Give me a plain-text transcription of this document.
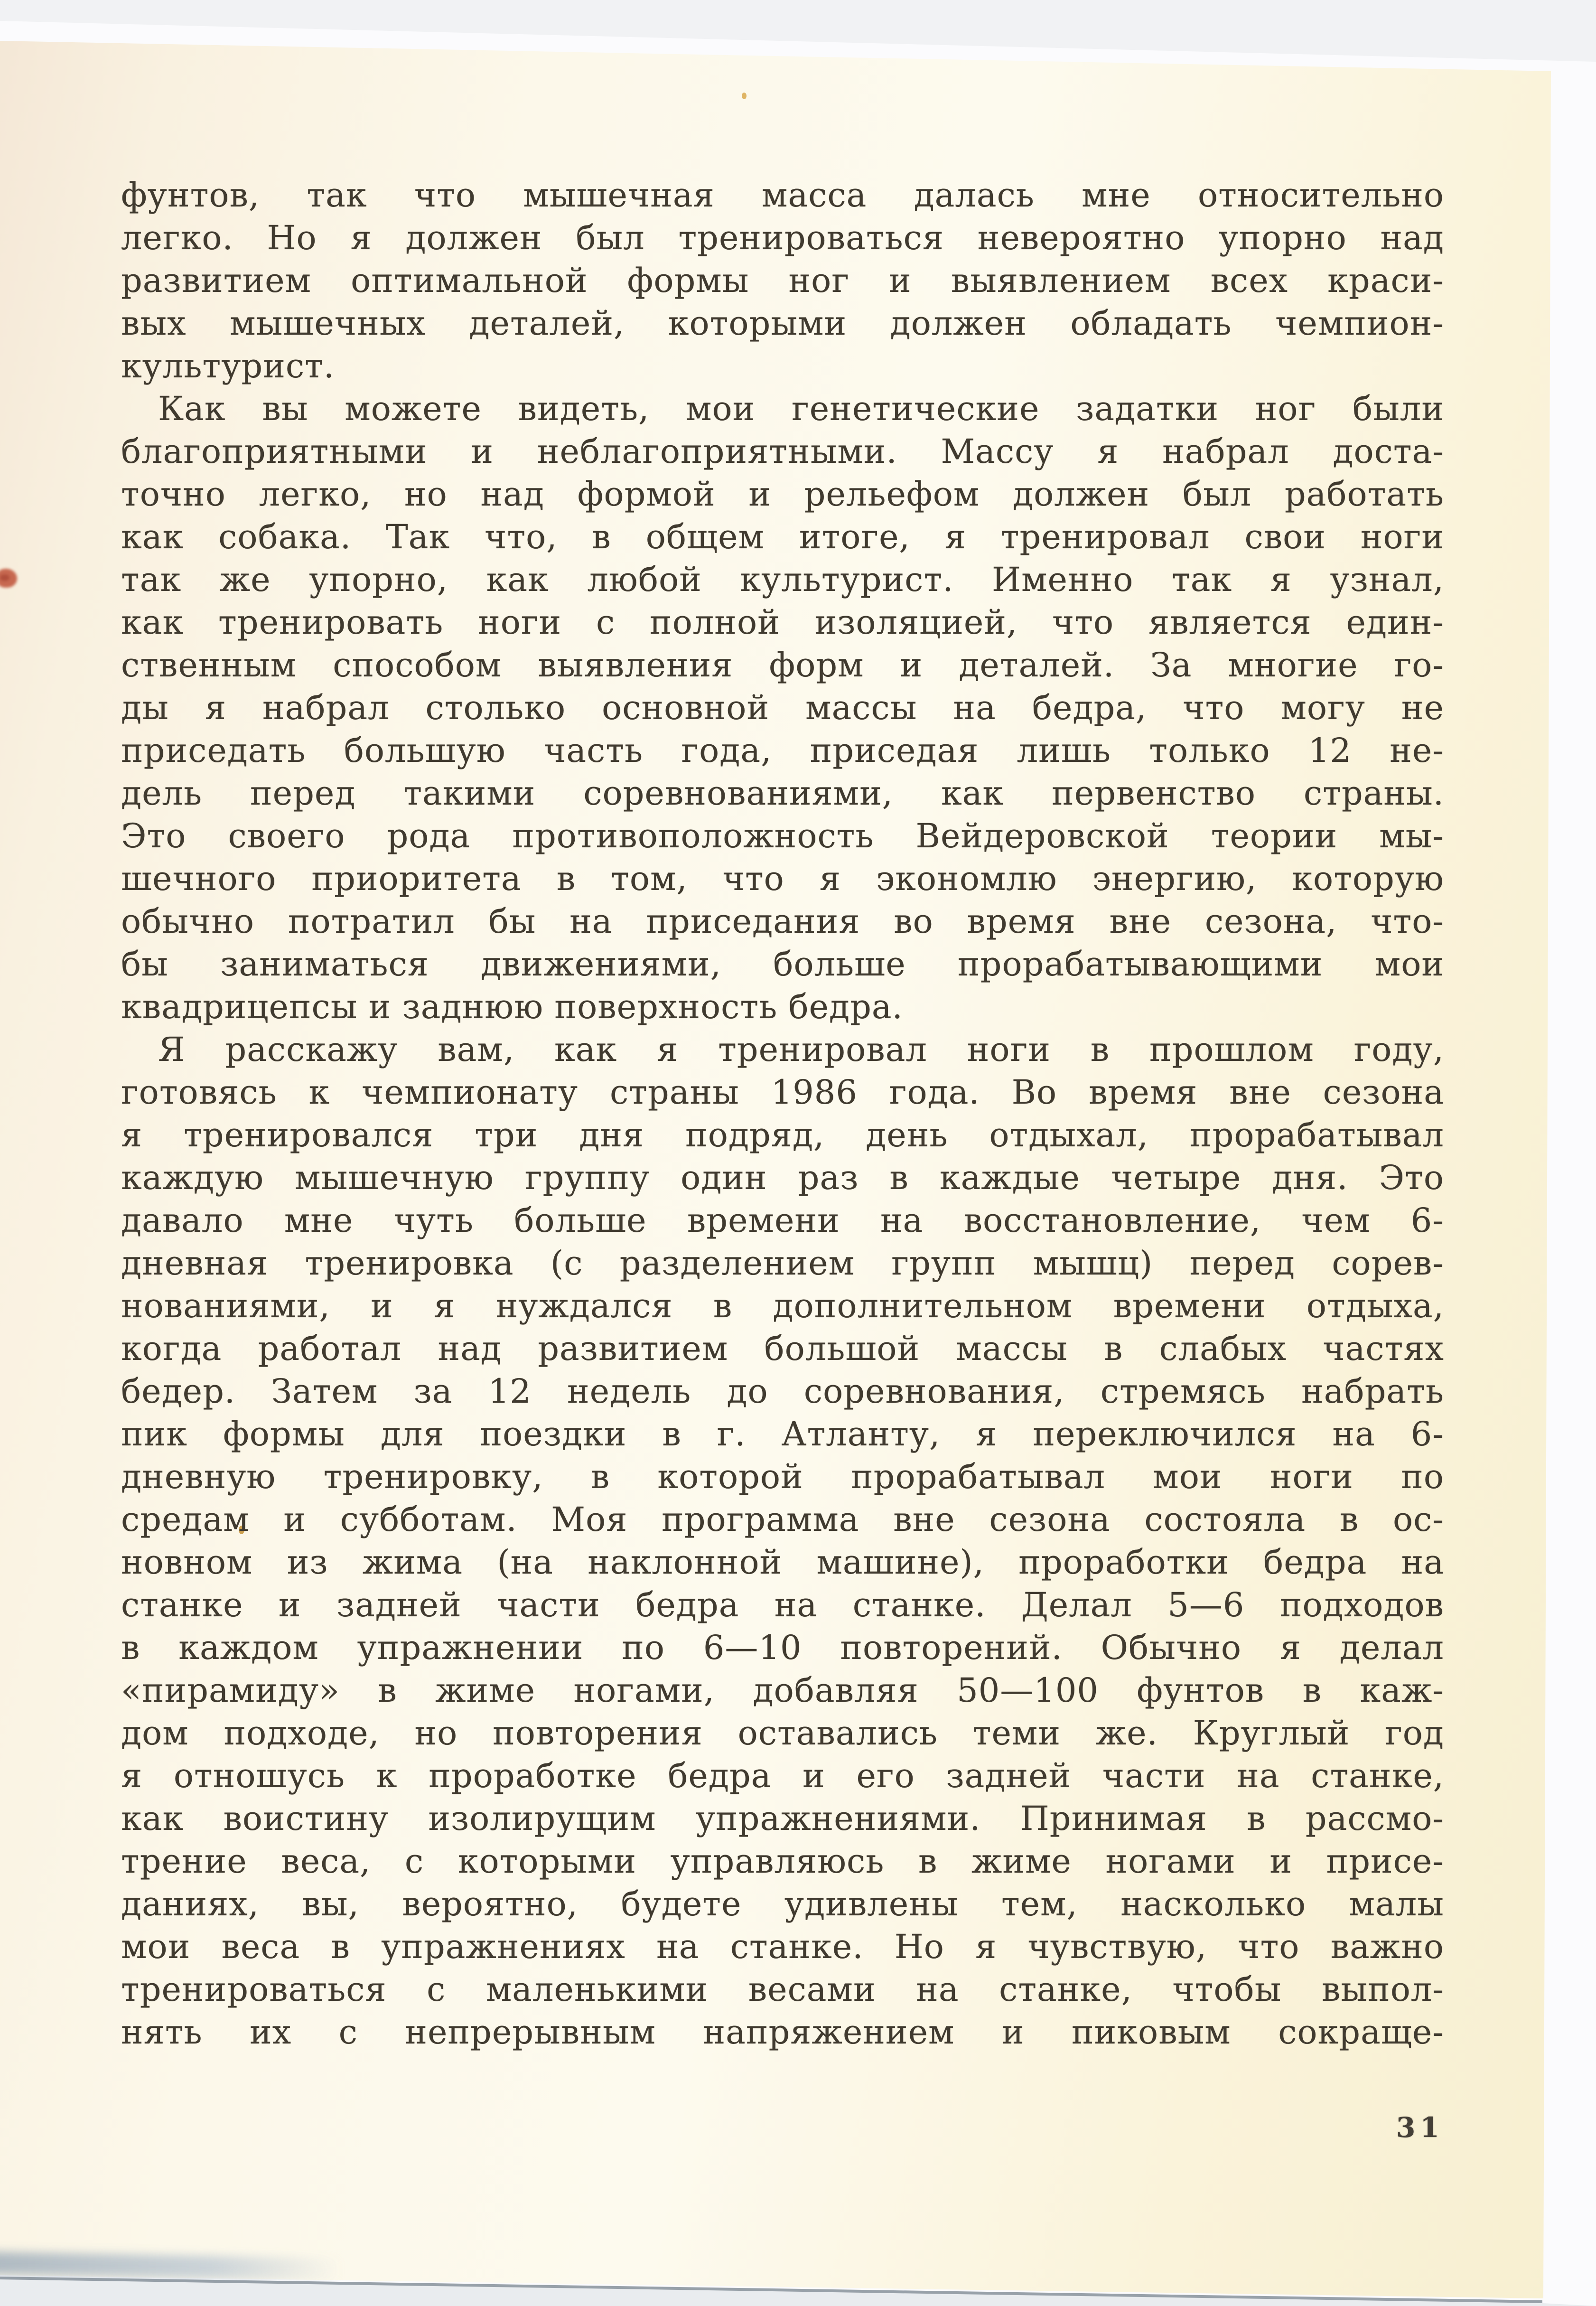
фунтов, так что мышечная масса далась мне относительно
легко. Но я должен был тренироваться невероятно упорно над
развитием оптимальной формы ног и выявлением всех краси-
вых мышечных деталей, которыми должен обладать чемпион-
культурист.
Как вы можете видеть, мои генетические задатки ног были
благоприятными и неблагоприятными. Массу я набрал доста-
точно легко, но над формой и рельефом должен был работать
как собака. Так что, в общем итоге, я тренировал свои ноги
так же упорно, как любой культурист. Именно так я узнал,
как тренировать ноги с полной изоляцией, что является един-
ственным способом выявления форм и деталей. За многие го-
ды я набрал столько основной массы на бедра, что могу не
приседать большую часть года, приседая лишь только 12 не-
дель перед такими соревнованиями, как первенство страны.
Это своего рода противоположность Вейдеровской теории мы-
шечного приоритета в том, что я экономлю энергию, которую
обычно потратил бы на приседания во время вне сезона, что-
бы заниматься движениями, больше прорабатывающими мои
квадрицепсы и заднюю поверхность бедра.
Я расскажу вам, как я тренировал ноги в прошлом году,
готовясь к чемпионату страны 1986 года. Во время вне сезона
я тренировался три дня подряд, день отдыхал, прорабатывал
каждую мышечную группу один раз в каждые четыре дня. Это
давало мне чуть больше времени на восстановление, чем 6-
дневная тренировка (с разделением групп мышц) перед сорев-
нованиями, и я нуждался в дополнительном времени отдыха,
когда работал над развитием большой массы в слабых частях
бедер. Затем за 12 недель до соревнования, стремясь набрать
пик формы для поездки в г. Атланту, я переключился на 6-
дневную тренировку, в которой прорабатывал мои ноги по
средам и субботам. Моя программа вне сезона состояла в ос-
новном из жима (на наклонной машине), проработки бедра на
станке и задней части бедра на станке. Делал 5—6 подходов
в каждом упражнении по 6—10 повторений. Обычно я делал
«пирамиду» в жиме ногами, добавляя 50—100 фунтов в каж-
дом подходе, но повторения оставались теми же. Круглый год
я отношусь к проработке бедра и его задней части на станке,
как воистину изолирущим упражнениями. Принимая в рассмо-
трение веса, с которыми управляюсь в жиме ногами и присе-
даниях, вы, вероятно, будете удивлены тем, насколько малы
мои веса в упражнениях на станке. Но я чувствую, что важно
тренироваться с маленькими весами на станке, чтобы выпол-
нять их с непрерывным напряжением и пиковым сокраще-
31
